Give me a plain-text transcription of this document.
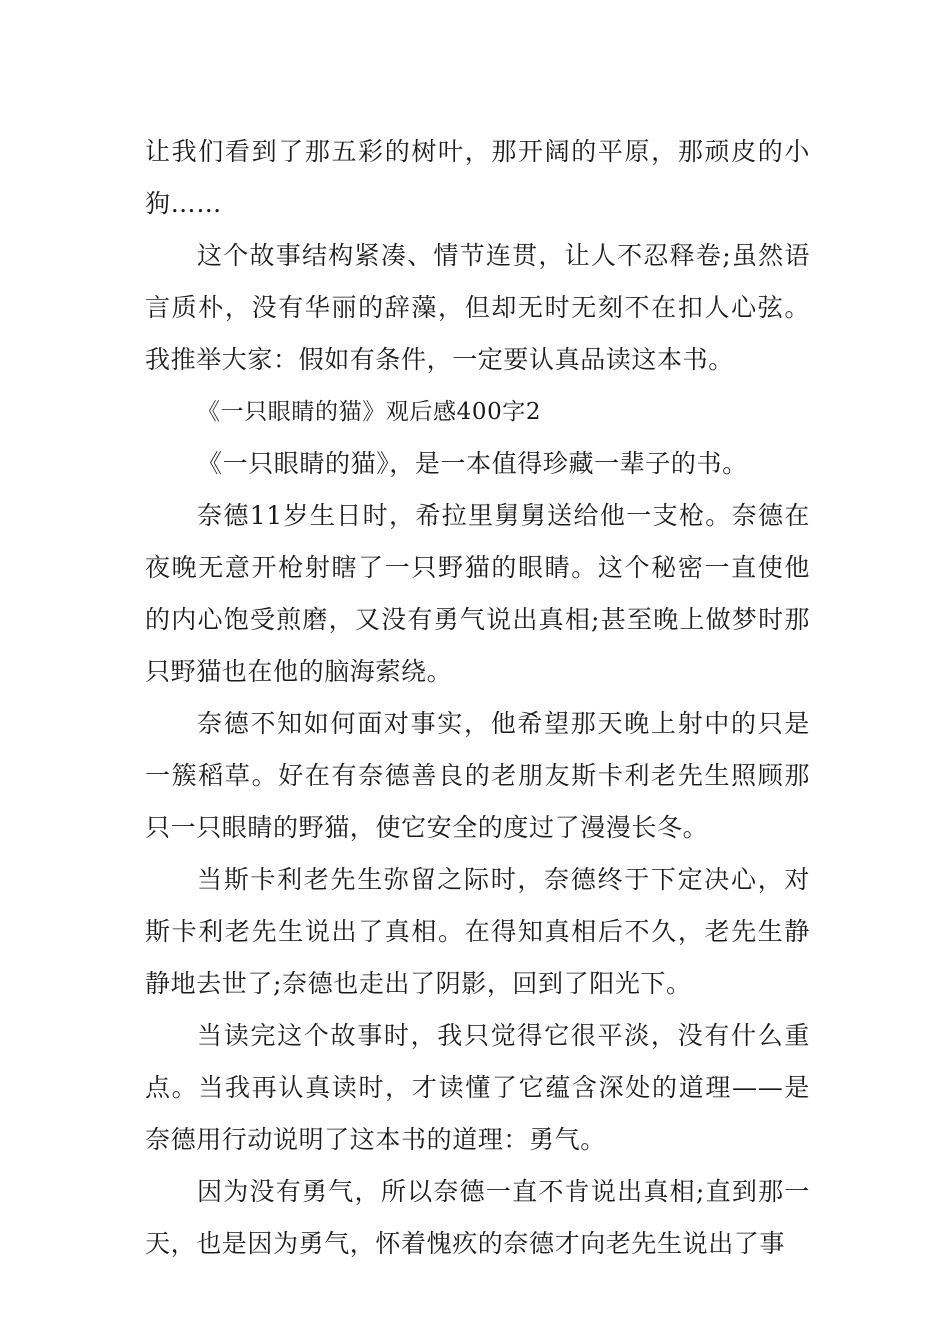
让我们看到了那五彩的树叶，那开阔的平原，那顽皮的小狗……

这个故事结构紧凑、情节连贯，让人不忍释卷;虽然语言质朴，没有华丽的辞藻，但却无时无刻不在扣人心弦。我推举大家：假如有条件，一定要认真品读这本书。

《一只眼睛的猫》观后感400字2

《一只眼睛的猫》，是一本值得珍藏一辈子的书。

奈德11岁生日时，希拉里舅舅送给他一支枪。奈德在夜晚无意开枪射瞎了一只野猫的眼睛。这个秘密一直使他的内心饱受煎磨，又没有勇气说出真相;甚至晚上做梦时那只野猫也在他的脑海萦绕。

奈德不知如何面对事实，他希望那天晚上射中的只是一簇稻草。好在有奈德善良的老朋友斯卡利老先生照顾那只一只眼睛的野猫，使它安全的度过了漫漫长冬。

当斯卡利老先生弥留之际时，奈德终于下定决心，对斯卡利老先生说出了真相。在得知真相后不久，老先生静静地去世了;奈德也走出了阴影，回到了阳光下。

当读完这个故事时，我只觉得它很平淡，没有什么重点。当我再认真读时，才读懂了它蕴含深处的道理——是奈德用行动说明了这本书的道理：勇气。

因为没有勇气，所以奈德一直不肯说出真相;直到那一天，也是因为勇气，怀着愧疚的奈德才向老先生说出了事
